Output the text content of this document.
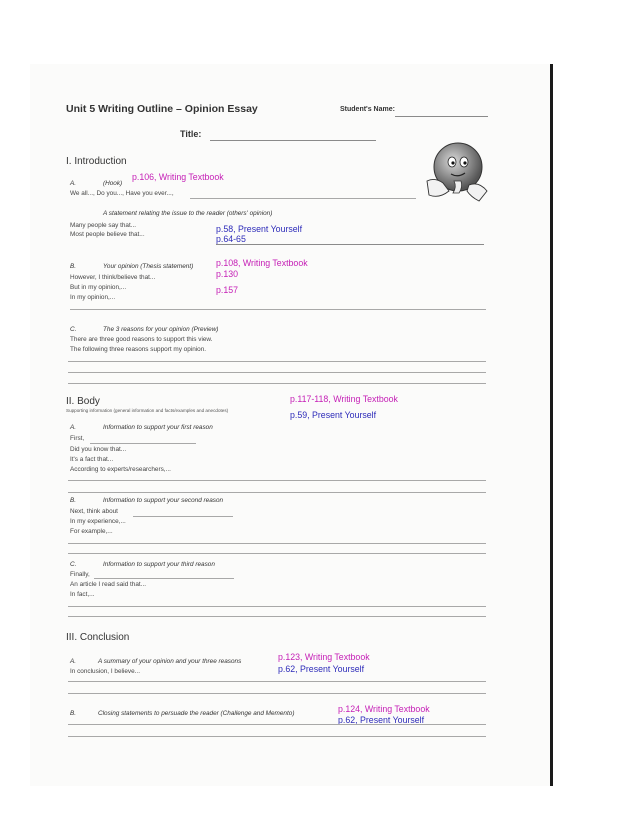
Unit 5 Writing Outline – Opinion Essay	Student's Name:
Title:
I. Introduction
A.	(Hook)
p.106, Writing Textbook
We all..., Do you..., Have you ever...,
A statement relating the issue to the reader (others' opinion)
Many people say that...
Most people believe that...
p.58, Present Yourself
p.64-65
B.	Your opinion (Thesis statement)	p.108, Writing Textbook
However, I think/believe that...	p.130
But in my opinion,...	p.157
In my opinion,...
C.	The 3 reasons for your opinion (Preview)
There are three good reasons to support this view.
The following three reasons support my opinion.
II. Body
Supporting information (general information and facts/examples and anecdotes)
p.117-118, Writing Textbook
p.59, Present Yourself
A.	Information to support your first reason
First,
Did you know that...
It's a fact that...
According to experts/researchers,...
B.	Information to support your second reason
Next, think about
In my experience,...
For example,...
C.	Information to support your third reason
Finally,
An article I read said that...
In fact,...
III. Conclusion
A.	A summary of your opinion and your three reasons	p.123, Writing Textbook
In conclusion, I believe...	p.62, Present Yourself
B.	Closing statements to persuade the reader (Challenge and Memento)	p.124, Writing Textbook
p.62, Present Yourself
